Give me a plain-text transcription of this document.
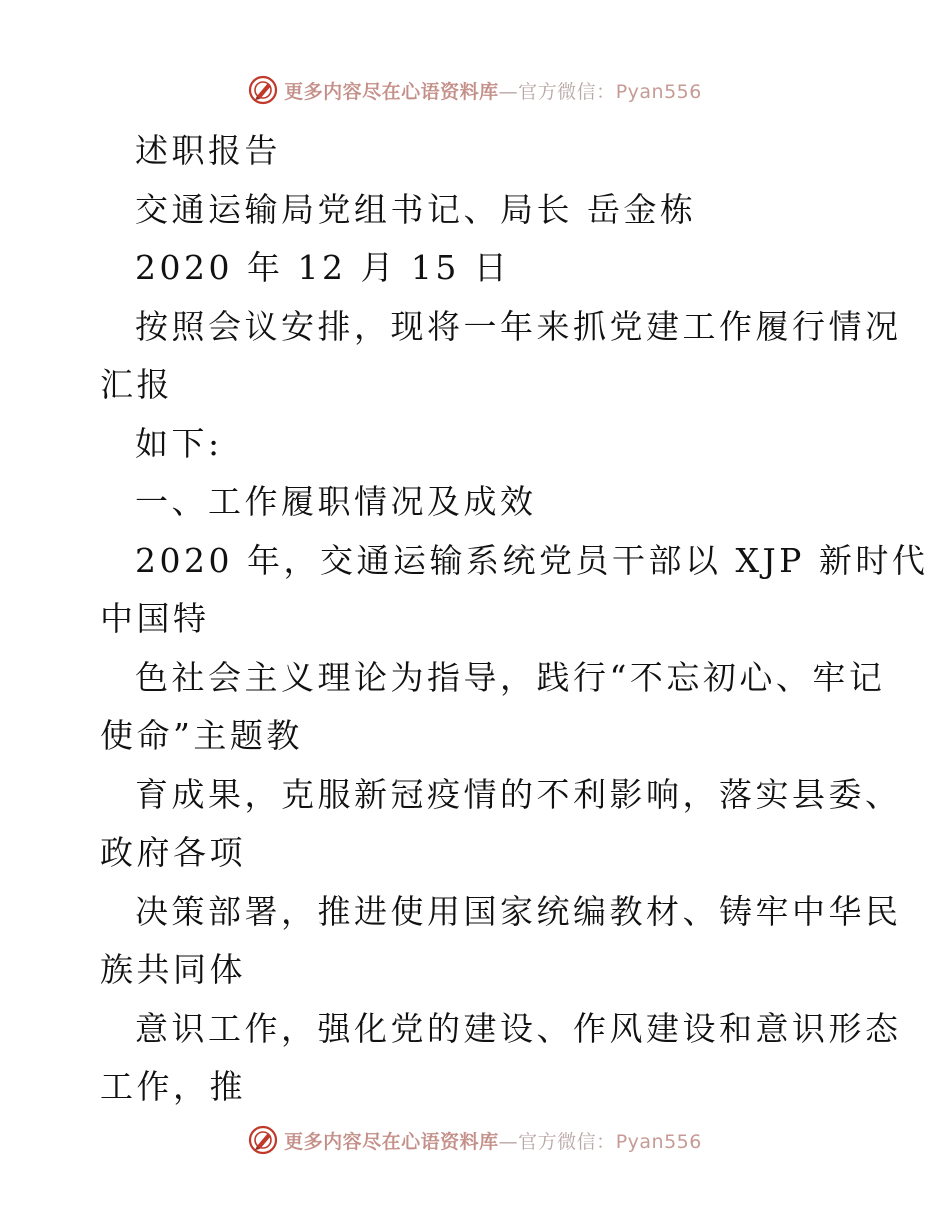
更多内容尽在心语资料库—官方微信：Pyan556
述职报告
交通运输局党组书记、局长 岳金栋
2020 年 12 月 15 日
按照会议安排，现将一年来抓党建工作履行情况
汇报
如下:
一、工作履职情况及成效
2020 年，交通运输系统党员干部以 XJP 新时代
中国特
色社会主义理论为指导，践行“不忘初心、牢记
使命”主题教
育成果，克服新冠疫情的不利影响，落实县委、
政府各项
决策部署，推进使用国家统编教材、铸牢中华民
族共同体
意识工作，强化党的建设、作风建设和意识形态
工作，推
更多内容尽在心语资料库—官方微信：Pyan556
